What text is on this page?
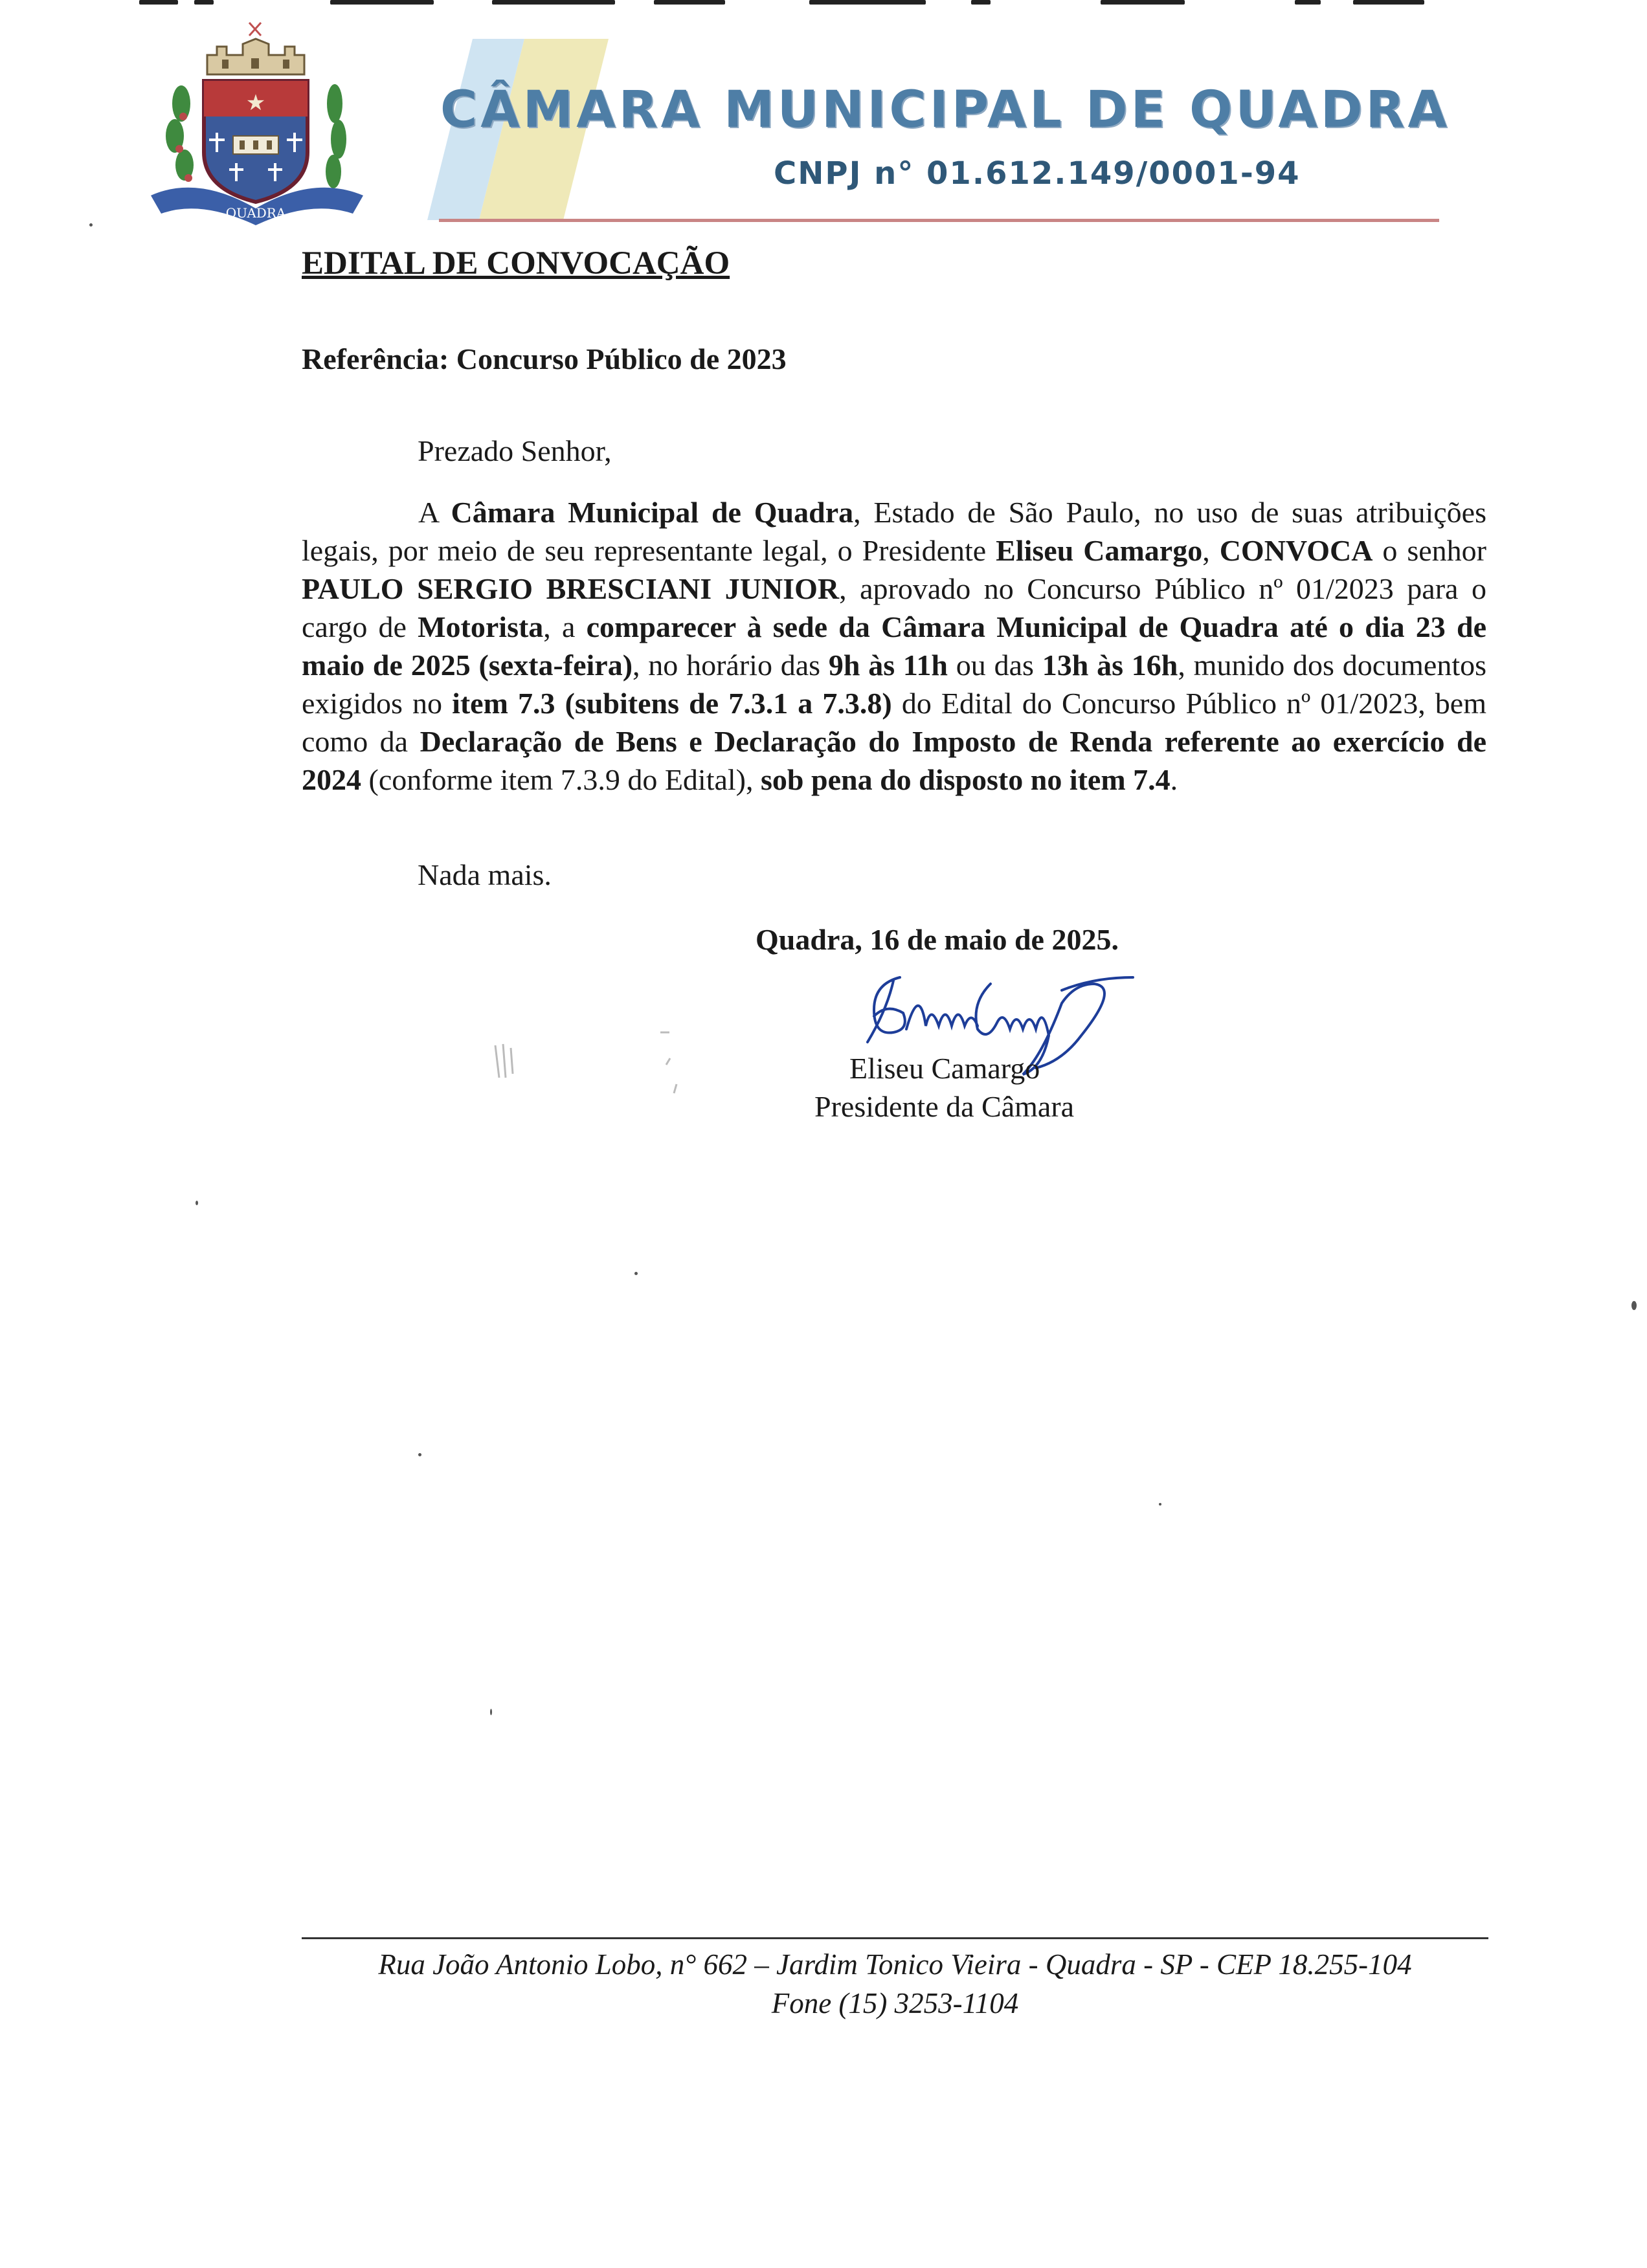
★
QUADRA
CÂMARA MUNICIPAL DE QUADRA
CNPJ n° 01.612.149/0001-94
EDITAL DE CONVOCAÇÃO
Referência: Concurso Público de 2023
Prezado Senhor,
A Câmara Municipal de Quadra, Estado de São Paulo, no uso de suas atribuições legais, por meio de seu representante legal, o Presidente Eliseu Camargo, CONVOCA o senhor PAULO SERGIO BRESCIANI JUNIOR, aprovado no Concurso Público nº 01/2023 para o cargo de Motorista, a comparecer à sede da Câmara Municipal de Quadra até o dia 23 de maio de 2025 (sexta-feira), no horário das 9h às 11h ou das 13h às 16h, munido dos documentos exigidos no item 7.3 (subitens de 7.3.1 a 7.3.8) do Edital do Concurso Público nº 01/2023, bem como da Declaração de Bens e Declaração do Imposto de Renda referente ao exercício de 2024 (conforme item 7.3.9 do Edital), sob pena do disposto no item 7.4.
Nada mais.
Quadra, 16 de maio de 2025.
Eliseu Camargo
Presidente da Câmara
Rua João Antonio Lobo, n° 662 – Jardim Tonico Vieira - Quadra - SP - CEP 18.255-104
Fone (15) 3253-1104
